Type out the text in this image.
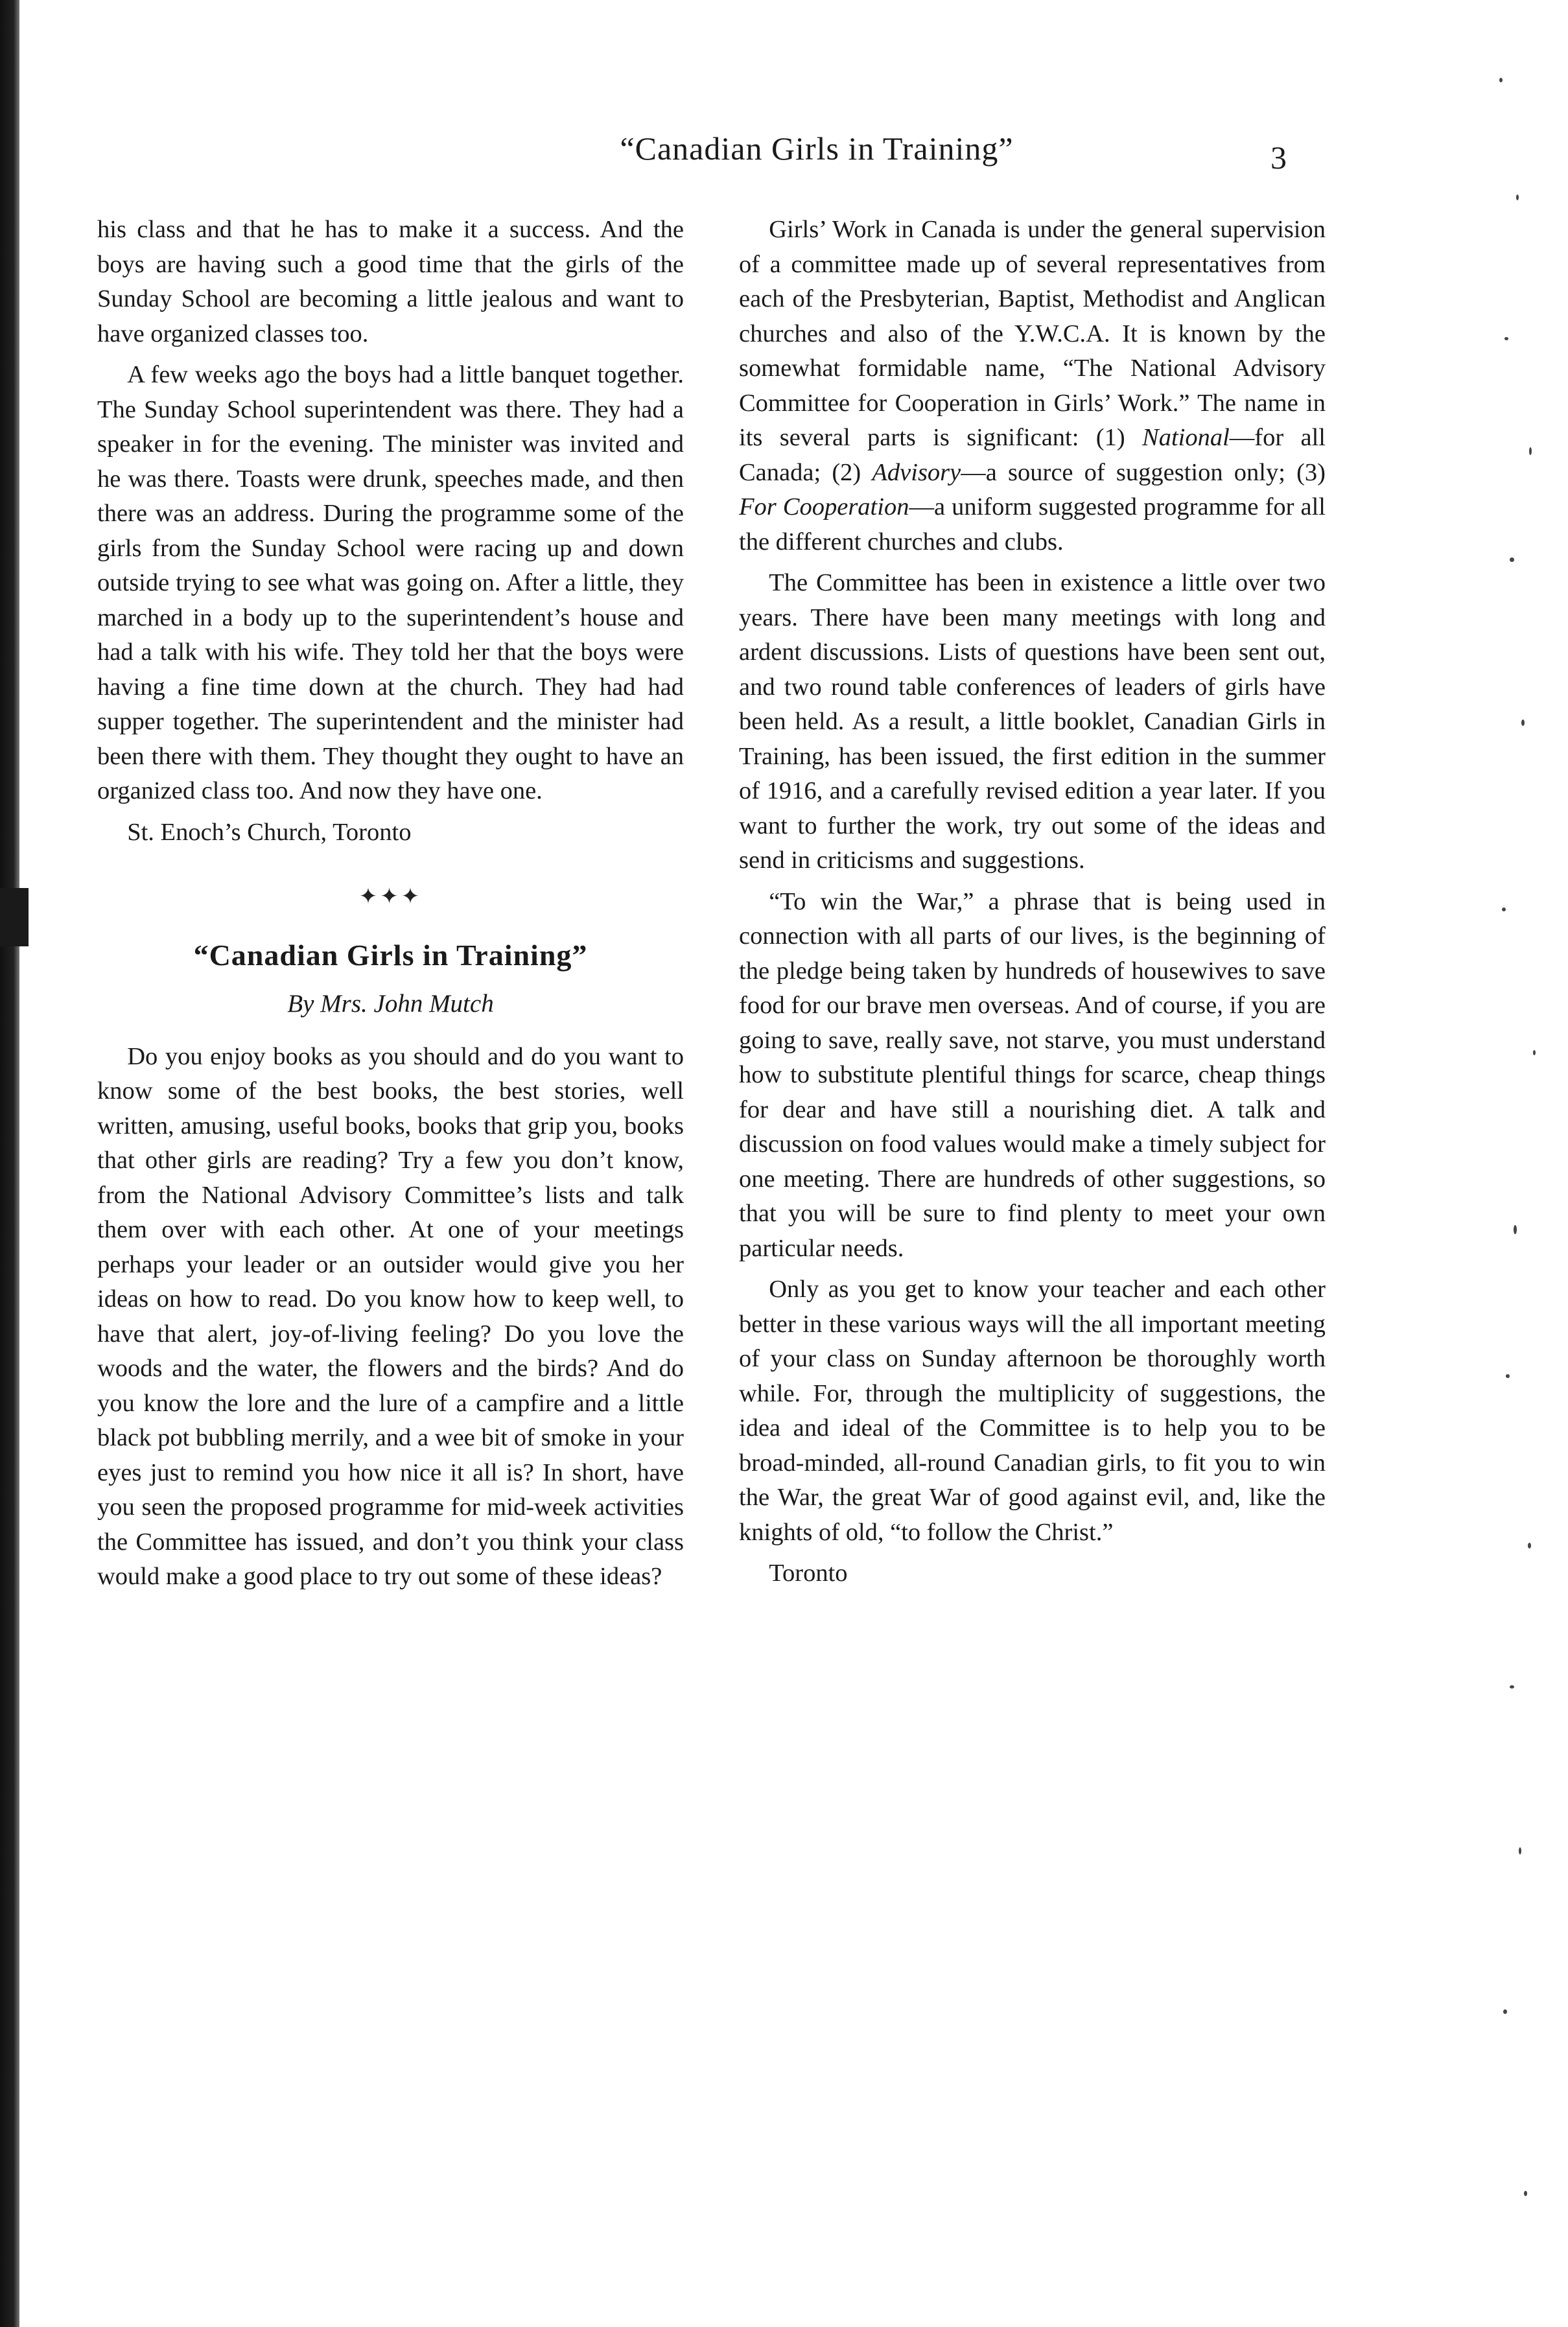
“Canadian Girls in Training”	3

his class and that he has to make it a success. And the boys are having such a good time that the girls of the Sunday School are becoming a little jealous and want to have organized classes too.

A few weeks ago the boys had a little banquet together. The Sunday School superintendent was there. They had a speaker in for the evening. The minister was invited and he was there. Toasts were drunk, speeches made, and then there was an address. During the programme some of the girls from the Sunday School were racing up and down outside trying to see what was going on. After a little, they marched in a body up to the superintendent’s house and had a talk with his wife. They told her that the boys were having a fine time down at the church. They had had supper together. The superintendent and the minister had been there with them. They thought they ought to have an organized class too. And now they have one.

St. Enoch’s Church, Toronto

✦✦✦
“Canadian Girls in Training”
By Mrs. John Mutch

Do you enjoy books as you should and do you want to know some of the best books, the best stories, well written, amusing, useful books, books that grip you, books that other girls are reading? Try a few you don’t know, from the National Advisory Committee’s lists and talk them over with each other. At one of your meetings perhaps your leader or an outsider would give you her ideas on how to read. Do you know how to keep well, to have that alert, joy-of-living feeling? Do you love the woods and the water, the flowers and the birds? And do you know the lore and the lure of a campfire and a little black pot bubbling merrily, and a wee bit of smoke in your eyes just to remind you how nice it all is? In short, have you seen the proposed programme for mid-week activities the Committee has issued, and don’t you think your class would make a good place to try out some of these ideas?

Girls’ Work in Canada is under the general supervision of a committee made up of several representatives from each of the Presbyterian, Baptist, Methodist and Anglican churches and also of the Y.W.C.A. It is known by the somewhat formidable name, “The National Advisory Committee for Cooperation in Girls’ Work.” The name in its several parts is significant: (1) National—for all Canada; (2) Advisory—a source of suggestion only; (3) For Cooperation—a uniform suggested programme for all the different churches and clubs.

The Committee has been in existence a little over two years. There have been many meetings with long and ardent discussions. Lists of questions have been sent out, and two round table conferences of leaders of girls have been held. As a result, a little booklet, Canadian Girls in Training, has been issued, the first edition in the summer of 1916, and a carefully revised edition a year later. If you want to further the work, try out some of the ideas and send in criticisms and suggestions.

“To win the War,” a phrase that is being used in connection with all parts of our lives, is the beginning of the pledge being taken by hundreds of housewives to save food for our brave men overseas. And of course, if you are going to save, really save, not starve, you must understand how to substitute plentiful things for scarce, cheap things for dear and have still a nourishing diet. A talk and discussion on food values would make a timely subject for one meeting. There are hundreds of other suggestions, so that you will be sure to find plenty to meet your own particular needs.

Only as you get to know your teacher and each other better in these various ways will the all important meeting of your class on Sunday afternoon be thoroughly worth while. For, through the multiplicity of suggestions, the idea and ideal of the Committee is to help you to be broad-minded, all-round Canadian girls, to fit you to win the War, the great War of good against evil, and, like the knights of old, “to follow the Christ.”

Toronto
